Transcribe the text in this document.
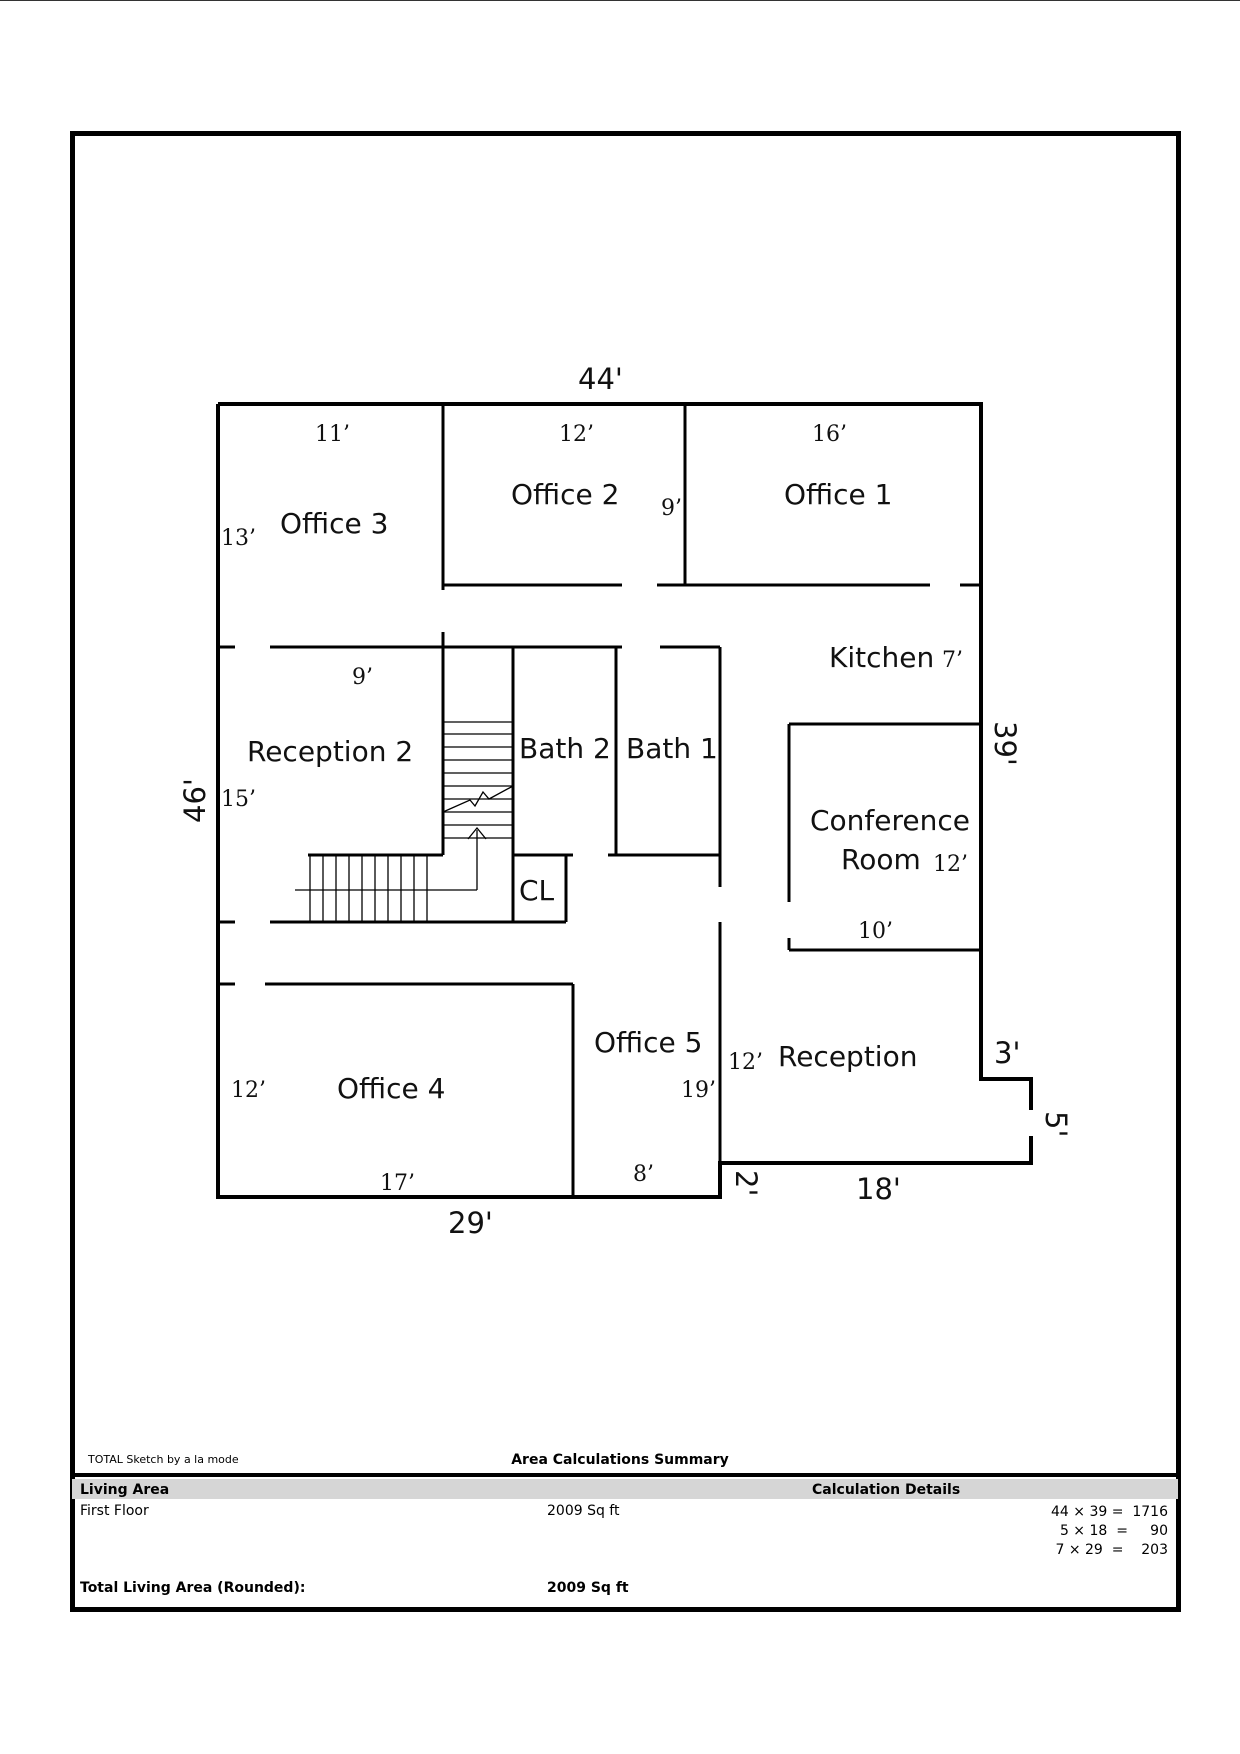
Office 3
Office 2	Office 1
Kitchen
Reception 2	Bath 2 Bath 1
Conference
Room
CL
Office 5	Reception
Office 4
11’
13’
12’
9’
16’
7’
9’
15’
12’
10’
12’
17’
19’
8’
12’
44'
46'
39'
3'
5'
18'
2'
29'
TOTAL Sketch by a la mode	Area Calculations Summary
Living Area	Calculation Details
First Floor	2009 Sq ft	44 × 39 =  1716
5 × 18  =     90
7 × 29  =    203
Total Living Area (Rounded):	2009 Sq ft
